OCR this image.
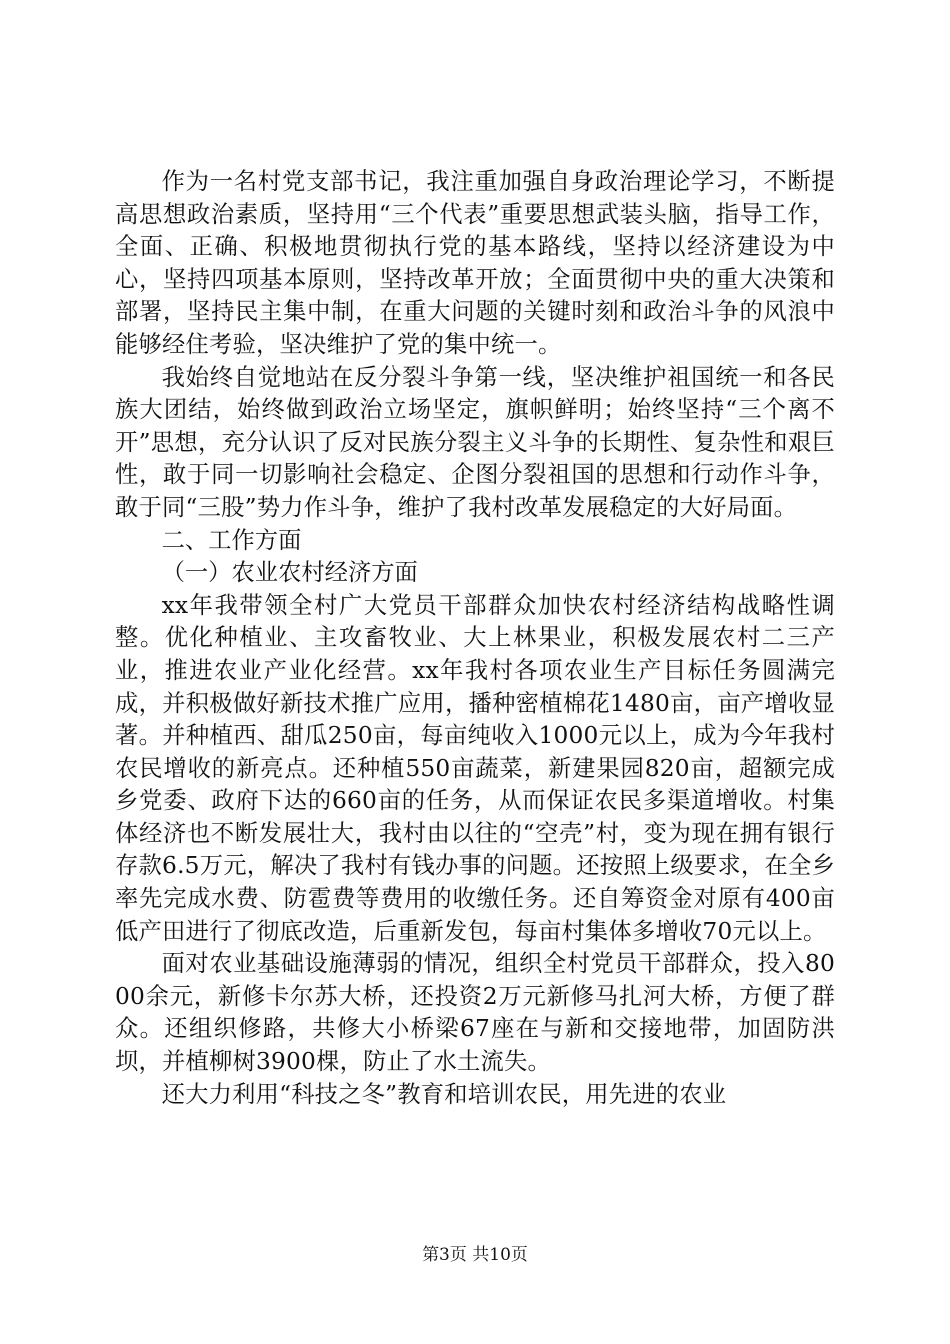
作为一名村党支部书记，我注重加强自身政治理论学习，不断提高思想政治素质，坚持用“三个代表”重要思想武装头脑，指导工作，全面、正确、积极地贯彻执行党的基本路线，坚持以经济建设为中心，坚持四项基本原则，坚持改革开放；全面贯彻中央的重大决策和部署，坚持民主集中制，在重大问题的关键时刻和政治斗争的风浪中能够经住考验，坚决维护了党的集中统一。

我始终自觉地站在反分裂斗争第一线，坚决维护祖国统一和各民族大团结，始终做到政治立场坚定，旗帜鲜明；始终坚持“三个离不开”思想，充分认识了反对民族分裂主义斗争的长期性、复杂性和艰巨性，敢于同一切影响社会稳定、企图分裂祖国的思想和行动作斗争，敢于同“三股”势力作斗争，维护了我村改革发展稳定的大好局面。

二、工作方面

（一）农业农村经济方面

xx年我带领全村广大党员干部群众加快农村经济结构战略性调整。优化种植业、主攻畜牧业、大上林果业，积极发展农村二三产业，推进农业产业化经营。xx年我村各项农业生产目标任务圆满完成，并积极做好新技术推广应用，播种密植棉花1480亩，亩产增收显著。并种植西、甜瓜250亩，每亩纯收入1000元以上，成为今年我村农民增收的新亮点。还种植550亩蔬菜，新建果园820亩，超额完成乡党委、政府下达的660亩的任务，从而保证农民多渠道增收。村集体经济也不断发展壮大，我村由以往的“空壳”村，变为现在拥有银行存款6.5万元，解决了我村有钱办事的问题。还按照上级要求，在全乡率先完成水费、防雹费等费用的收缴任务。还自筹资金对原有400亩低产田进行了彻底改造，后重新发包，每亩村集体多增收70元以上。

面对农业基础设施薄弱的情况，组织全村党员干部群众，投入8000余元，新修卡尔苏大桥，还投资2万元新修马扎河大桥，方便了群众。还组织修路，共修大小桥梁67座在与新和交接地带，加固防洪坝，并植柳树3900棵，防止了水土流失。

还大力利用“科技之冬”教育和培训农民，用先进的农业

第3页 共10页
